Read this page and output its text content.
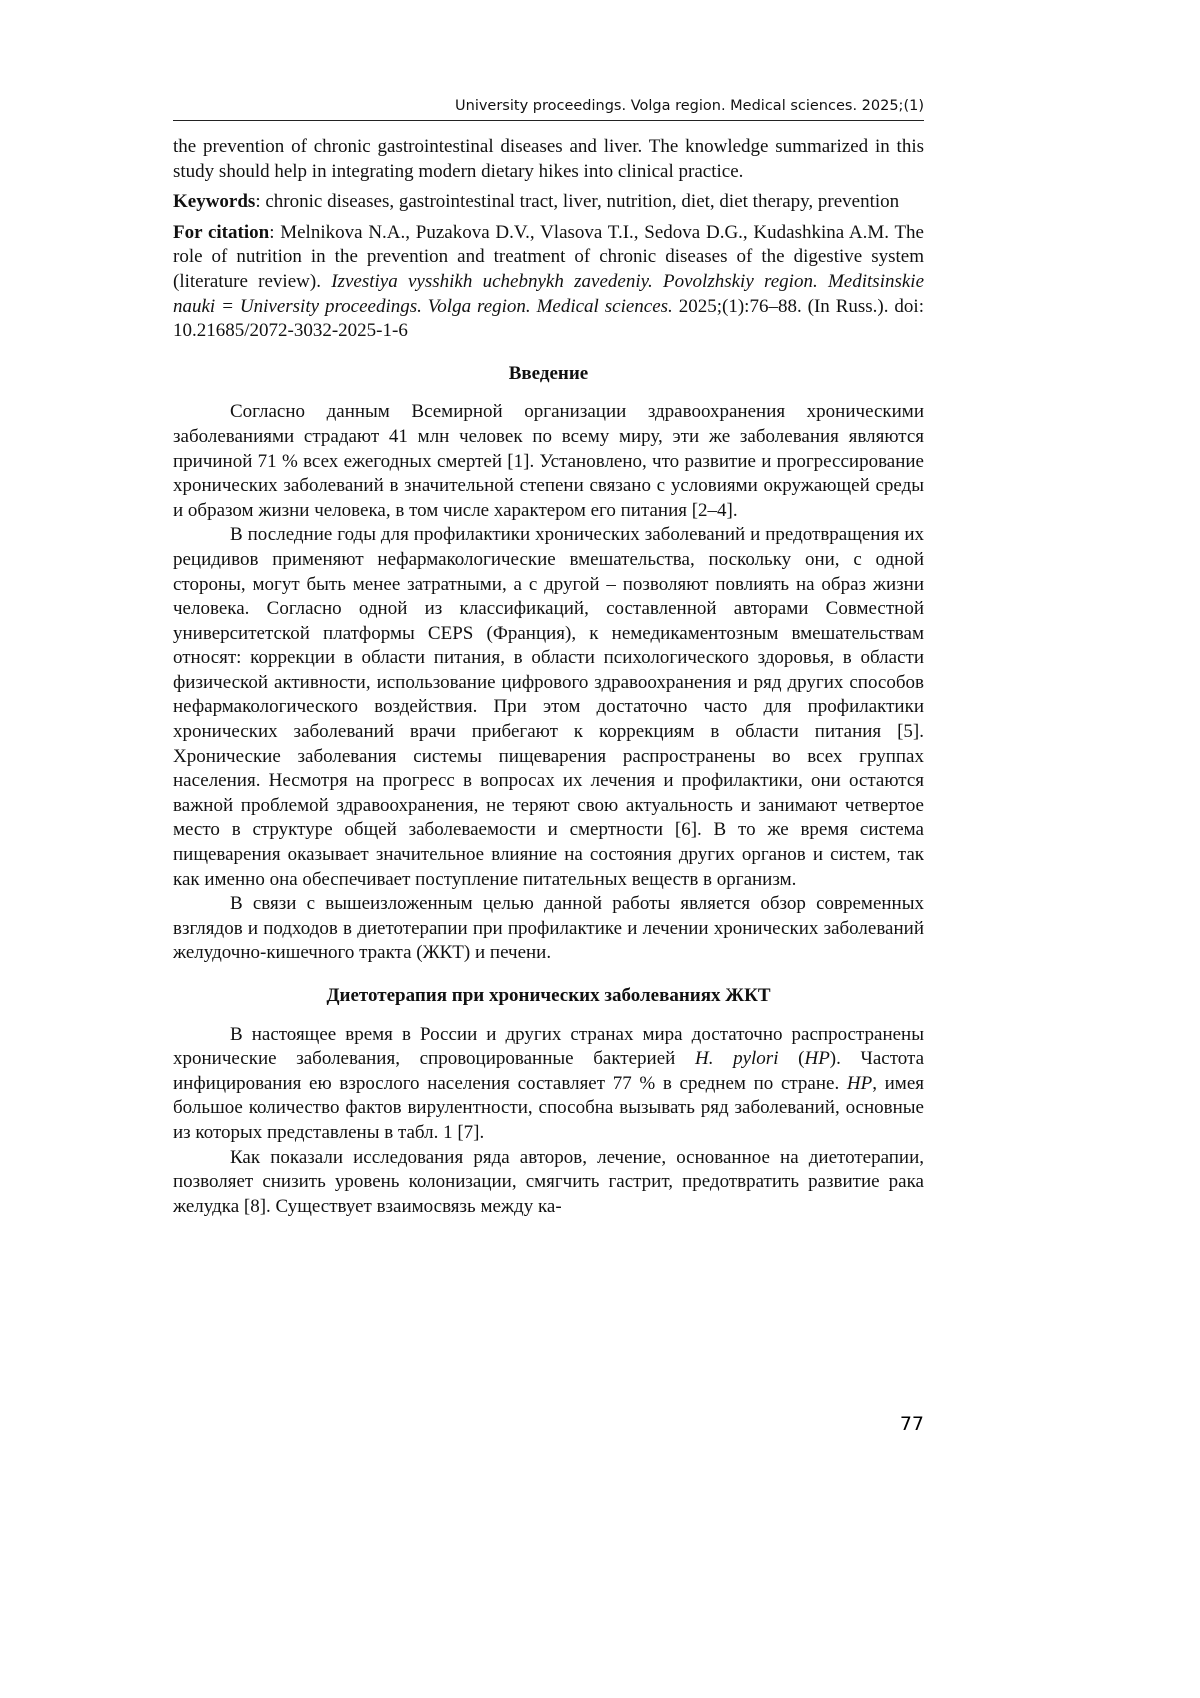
University proceedings. Volga region. Medical sciences. 2025;(1)

the prevention of chronic gastrointestinal diseases and liver. The knowledge summarized in this study should help in integrating modern dietary hikes into clinical practice.

Keywords: chronic diseases, gastrointestinal tract, liver, nutrition, diet, diet therapy, prevention

For citation: Melnikova N.A., Puzakova D.V., Vlasova T.I., Sedova D.G., Kudashkina A.M. The role of nutrition in the prevention and treatment of chronic diseases of the digestive system (literature review). Izvestiya vysshikh uchebnykh zavedeniy. Povolzhskiy region. Meditsinskie nauki = University proceedings. Volga region. Medical sciences. 2025;(1):76–88. (In Russ.). doi: 10.21685/2072-3032-2025-1-6

Введение

Согласно данным Всемирной организации здравоохранения хроническими заболеваниями страдают 41 млн человек по всему миру, эти же заболевания являются причиной 71 % всех ежегодных смертей [1]. Установлено, что развитие и прогрессирование хронических заболеваний в значительной степени связано с условиями окружающей среды и образом жизни человека, в том числе характером его питания [2–4].

В последние годы для профилактики хронических заболеваний и предотвращения их рецидивов применяют нефармакологические вмешательства, поскольку они, с одной стороны, могут быть менее затратными, а с другой – позволяют повлиять на образ жизни человека. Согласно одной из классификаций, составленной авторами Совместной университетской платформы CEPS (Франция), к немедикаментозным вмешательствам относят: коррекции в области питания, в области психологического здоровья, в области физической активности, использование цифрового здравоохранения и ряд других способов нефармакологического воздействия. При этом достаточно часто для профилактики хронических заболеваний врачи прибегают к коррекциям в области питания [5]. Хронические заболевания системы пищеварения распространены во всех группах населения. Несмотря на прогресс в вопросах их лечения и профилактики, они остаются важной проблемой здравоохранения, не теряют свою актуальность и занимают четвертое место в структуре общей заболеваемости и смертности [6]. В то же время система пищеварения оказывает значительное влияние на состояния других органов и систем, так как именно она обеспечивает поступление питательных веществ в организм.

В связи с вышеизложенным целью данной работы является обзор современных взглядов и подходов в диетотерапии при профилактике и лечении хронических заболеваний желудочно-кишечного тракта (ЖКТ) и печени.

Диетотерапия при хронических заболеваниях ЖКТ

В настоящее время в России и других странах мира достаточно распространены хронические заболевания, спровоцированные бактерией H. pylori (HP). Частота инфицирования ею взрослого населения составляет 77 % в среднем по стране. HP, имея большое количество фактов вирулентности, способна вызывать ряд заболеваний, основные из которых представлены в табл. 1 [7].

Как показали исследования ряда авторов, лечение, основанное на диетотерапии, позволяет снизить уровень колонизации, смягчить гастрит, предотвратить развитие рака желудка [8]. Существует взаимосвязь между ка-

77
